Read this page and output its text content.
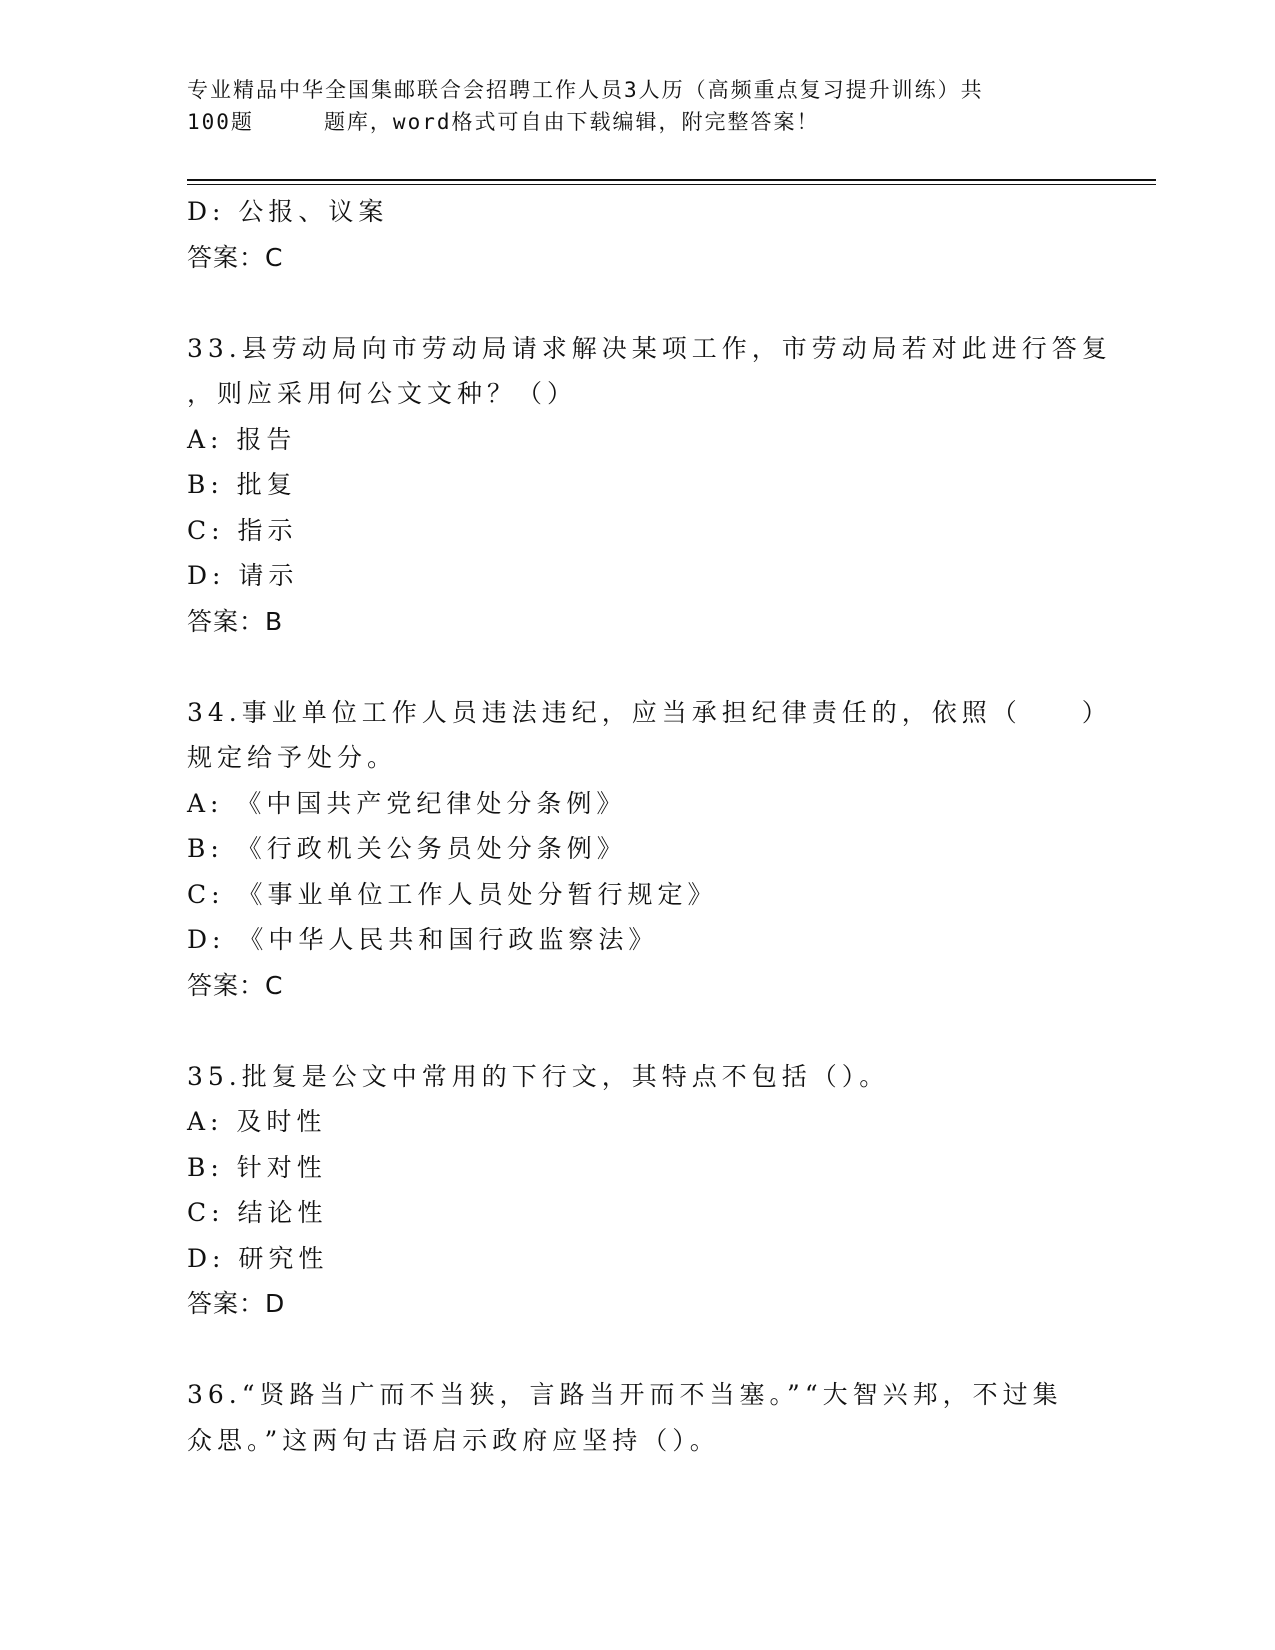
专业精品中华全国集邮联合会招聘工作人员3人历（高频重点复习提升训练）共
100题	题库，word格式可自由下载编辑，附完整答案！
D: 公报、议案
答案：C
33.县劳动局向市劳动局请求解决某项工作，市劳动局若对此进行答复
，则应采用何公文文种？（）
A: 报告
B: 批复
C: 指示
D: 请示
答案：B
34.事业单位工作人员违法违纪，应当承担纪律责任的，依照（　　）
规定给予处分。
A: 《中国共产党纪律处分条例》
B: 《行政机关公务员处分条例》
C: 《事业单位工作人员处分暂行规定》
D: 《中华人民共和国行政监察法》
答案：C
35.批复是公文中常用的下行文，其特点不包括（）。
A: 及时性
B: 针对性
C: 结论性
D: 研究性
答案：D
36.“贤路当广而不当狭，言路当开而不当塞。”“大智兴邦，不过集
众思。”这两句古语启示政府应坚持（）。
